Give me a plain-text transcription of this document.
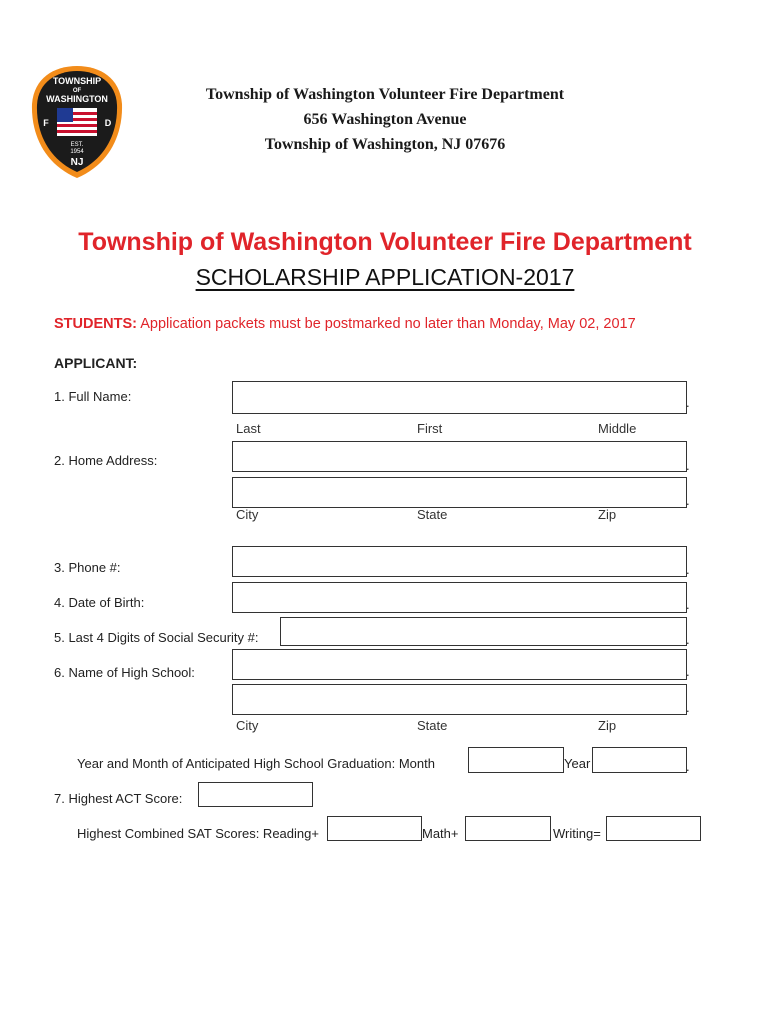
TOWNSHIP
OF
WASHINGTON
F	D
EST.
1954
NJ
Township of Washington Volunteer Fire Department
656 Washington Avenue
Township of Washington, NJ 07676
Township of Washington Volunteer Fire Department
SCHOLARSHIP APPLICATION-2017
STUDENTS: Application packets must be postmarked no later than Monday, May 02, 2017
APPLICANT:
1. Full Name:	.
Last	First	Middle
2. Home Address:	.
.
City	State	Zip
3. Phone #:	.
4. Date of Birth:	.
5. Last 4 Digits of Social Security #:	.
6. Name of High School:	.
.
City	State	Zip
Year and Month of Anticipated High School Graduation: Month	Year	.
7. Highest ACT Score:
Highest Combined SAT Scores: Reading+	Math+	Writing=
